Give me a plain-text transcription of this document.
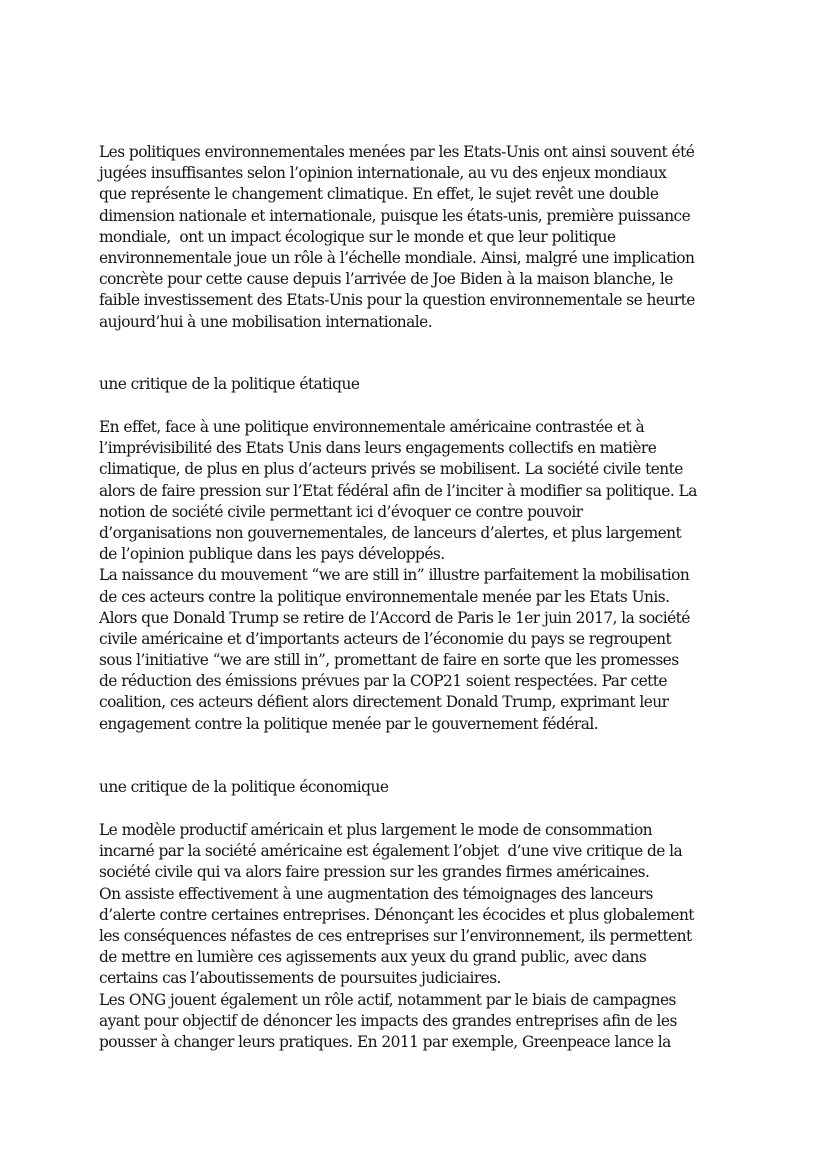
Les politiques environnementales menées par les Etats-Unis ont ainsi souvent été
jugées insuffisantes selon l’opinion internationale, au vu des enjeux mondiaux
que représente le changement climatique. En effet, le sujet revêt une double
dimension nationale et internationale, puisque les états-unis, première puissance
mondiale,  ont un impact écologique sur le monde et que leur politique
environnementale joue un rôle à l’échelle mondiale. Ainsi, malgré une implication
concrète pour cette cause depuis l’arrivée de Joe Biden à la maison blanche, le
faible investissement des Etats-Unis pour la question environnementale se heurte
aujourd’hui à une mobilisation internationale.
une critique de la politique étatique
En effet, face à une politique environnementale américaine contrastée et à
l’imprévisibilité des Etats Unis dans leurs engagements collectifs en matière
climatique, de plus en plus d’acteurs privés se mobilisent. La société civile tente
alors de faire pression sur l’Etat fédéral afin de l’inciter à modifier sa politique. La
notion de société civile permettant ici d’évoquer ce contre pouvoir
d’organisations non gouvernementales, de lanceurs d’alertes, et plus largement
de l’opinion publique dans les pays développés.
La naissance du mouvement “we are still in” illustre parfaitement la mobilisation
de ces acteurs contre la politique environnementale menée par les Etats Unis.
Alors que Donald Trump se retire de l’Accord de Paris le 1er juin 2017, la société
civile américaine et d’importants acteurs de l’économie du pays se regroupent
sous l’initiative “we are still in”, promettant de faire en sorte que les promesses
de réduction des émissions prévues par la COP21 soient respectées. Par cette
coalition, ces acteurs défient alors directement Donald Trump, exprimant leur
engagement contre la politique menée par le gouvernement fédéral.
une critique de la politique économique
Le modèle productif américain et plus largement le mode de consommation
incarné par la société américaine est également l’objet  d’une vive critique de la
société civile qui va alors faire pression sur les grandes firmes américaines.
On assiste effectivement à une augmentation des témoignages des lanceurs
d’alerte contre certaines entreprises. Dénonçant les écocides et plus globalement
les conséquences néfastes de ces entreprises sur l’environnement, ils permettent
de mettre en lumière ces agissements aux yeux du grand public, avec dans
certains cas l’aboutissements de poursuites judiciaires.
Les ONG jouent également un rôle actif, notamment par le biais de campagnes
ayant pour objectif de dénoncer les impacts des grandes entreprises afin de les
pousser à changer leurs pratiques. En 2011 par exemple, Greenpeace lance la
